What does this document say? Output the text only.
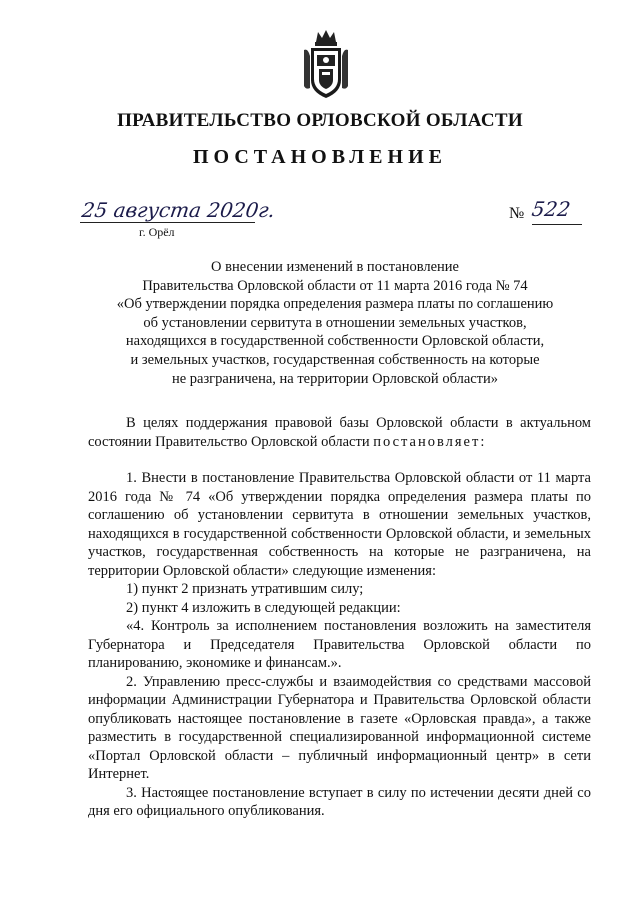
ПРАВИТЕЛЬСТВО ОРЛОВСКОЙ ОБЛАСТИ
ПОСТАНОВЛЕНИЕ
25 августа 2020г.
г. Орёл
№ 522
О внесении изменений в постановление
Правительства Орловской области от 11 марта 2016 года № 74
«Об утверждении порядка определения размера платы по соглашению
об установлении сервитута в отношении земельных участков,
находящихся в государственной собственности Орловской области,
и земельных участков, государственная собственность на которые
не разграничена, на территории Орловской области»

В целях поддержания правовой базы Орловской области в актуальном состоянии Правительство Орловской области постановляет:

1. Внести в постановление Правительства Орловской области от 11 марта 2016 года № 74 «Об утверждении порядка определения размера платы по соглашению об установлении сервитута в отношении земельных участков, находящихся в государственной собственности Орловской области, и земельных участков, государственная собственность на которые не разграничена, на территории Орловской области» следующие изменения:

1) пункт 2 признать утратившим силу;

2) пункт 4 изложить в следующей редакции:

«4. Контроль за исполнением постановления возложить на заместителя Губернатора и Председателя Правительства Орловской области по планированию, экономике и финансам.».

2. Управлению пресс-службы и взаимодействия со средствами массовой информации Администрации Губернатора и Правительства Орловской области опубликовать настоящее постановление в газете «Орловская правда», а также разместить в государственной специализированной информационной системе «Портал Орловской области – публичный информационный центр» в сети Интернет.

3. Настоящее постановление вступает в силу по истечении десяти дней со дня его официального опубликования.
